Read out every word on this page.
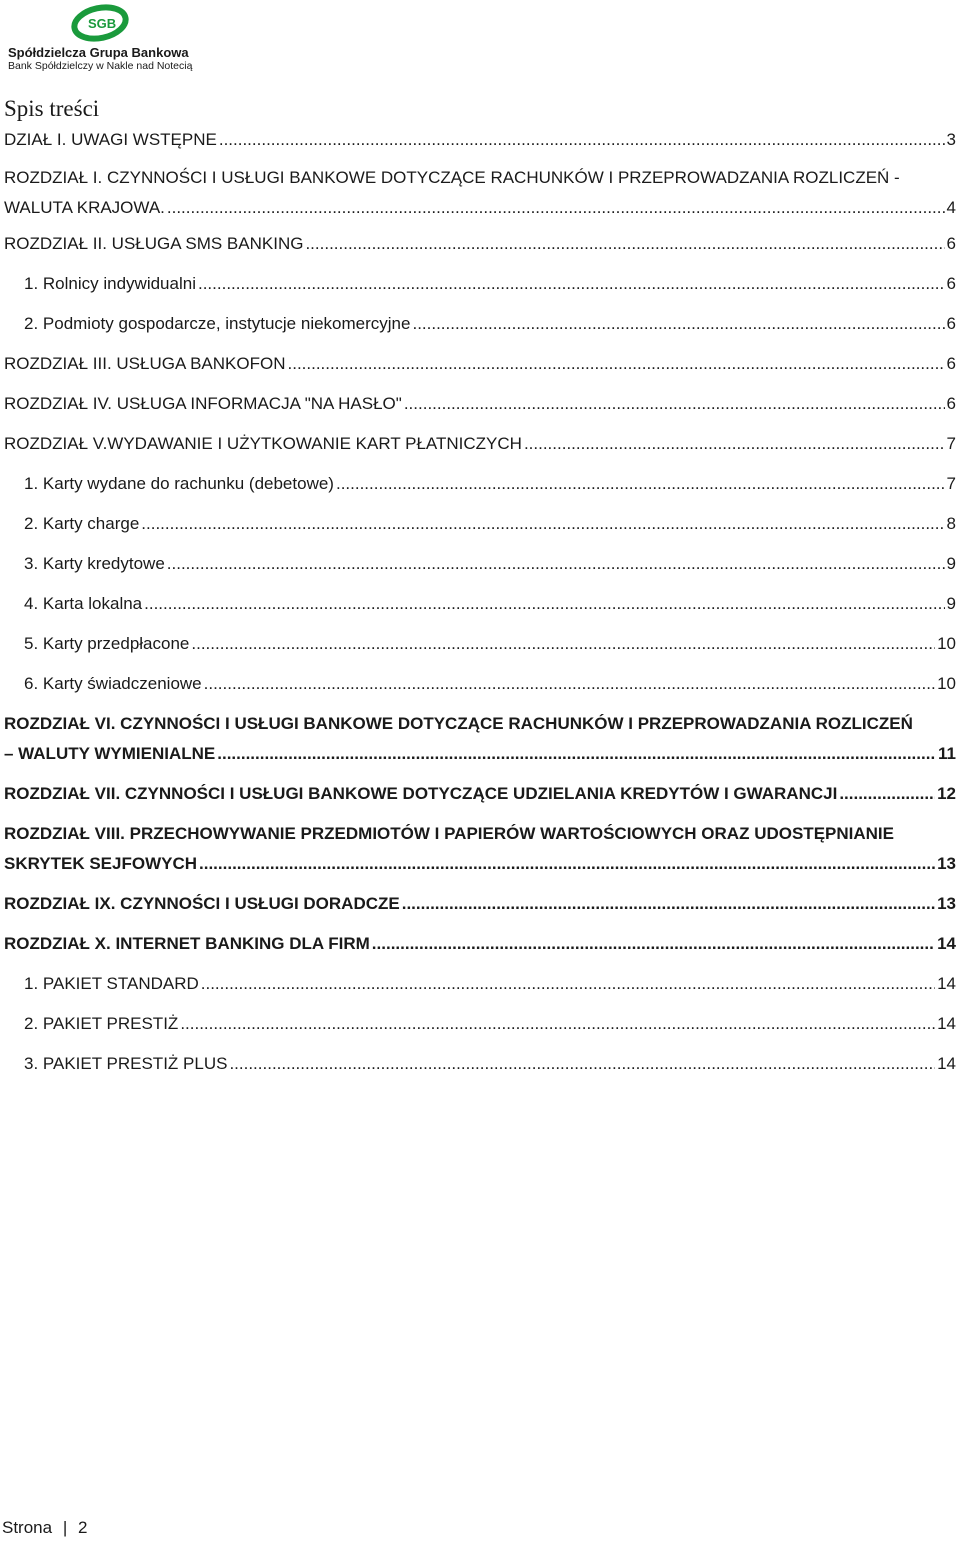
SGB
Spółdzielcza Grupa Bankowa
Bank Spółdzielczy w Nakle nad Notecią
Spis treści
DZIAŁ I. UWAGI WSTĘPNE .....	3
ROZDZIAŁ I. CZYNNOŚCI I USŁUGI BANKOWE DOTYCZĄCE RACHUNKÓW I PRZEPROWADZANIA ROZLICZEŃ -
WALUTA KRAJOWA. .....	4
ROZDZIAŁ II. USŁUGA SMS BANKING .....	6
1. Rolnicy indywidualni .....	6
2. Podmioty gospodarcze, instytucje niekomercyjne .....	6
ROZDZIAŁ III. USŁUGA BANKOFON .....	6
ROZDZIAŁ IV. USŁUGA INFORMACJA "NA HASŁO" .....	6
ROZDZIAŁ V.WYDAWANIE I UŻYTKOWANIE KART PŁATNICZYCH .....	7
1. Karty wydane do rachunku (debetowe) .....	7
2. Karty charge .....	8
3. Karty kredytowe .....	9
4. Karta lokalna .....	9
5. Karty przedpłacone .....	10
6. Karty świadczeniowe .....	10
ROZDZIAŁ VI. CZYNNOŚCI I USŁUGI BANKOWE DOTYCZĄCE RACHUNKÓW I PRZEPROWADZANIA ROZLICZEŃ
– WALUTY WYMIENIALNE .....	11
ROZDZIAŁ VII. CZYNNOŚCI I USŁUGI BANKOWE DOTYCZĄCE UDZIELANIA KREDYTÓW I GWARANCJI .....	12
ROZDZIAŁ VIII. PRZECHOWYWANIE PRZEDMIOTÓW I PAPIERÓW WARTOŚCIOWYCH ORAZ UDOSTĘPNIANIE
SKRYTEK SEJFOWYCH .....	13
ROZDZIAŁ IX. CZYNNOŚCI I USŁUGI DORADCZE .....	13
ROZDZIAŁ X. INTERNET BANKING DLA FIRM .....	14
1. PAKIET STANDARD .....	14
2. PAKIET PRESTIŻ .....	14
3. PAKIET PRESTIŻ PLUS .....	14
Strona | 2
